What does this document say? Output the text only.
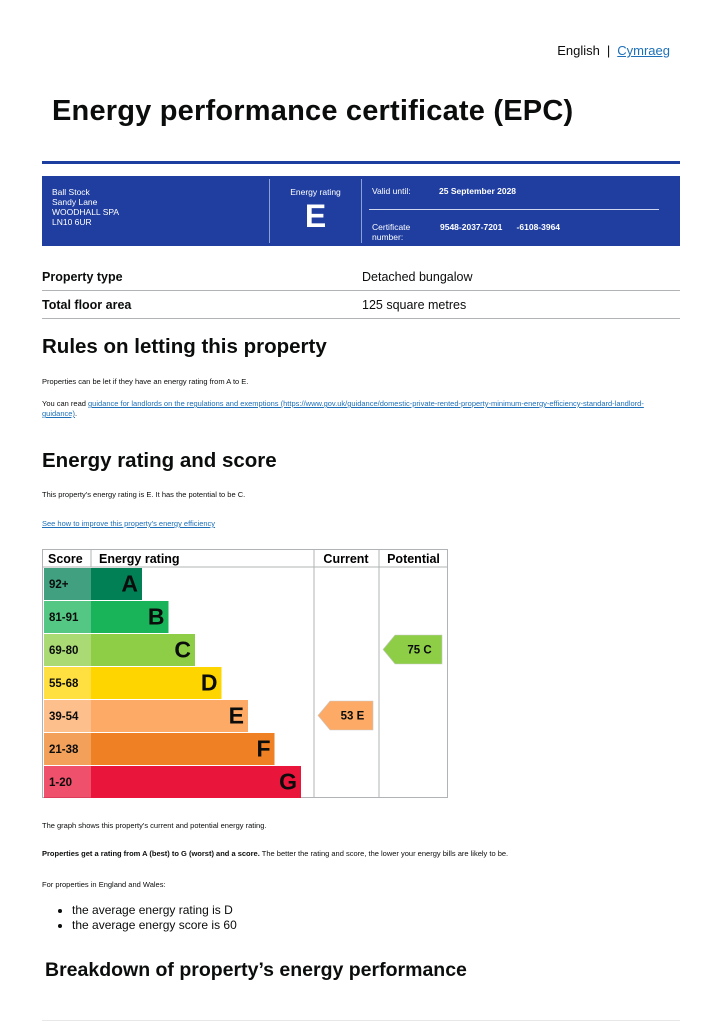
English | Cymraeg
Energy performance certificate (EPC)
Ball Stock
Sandy Lane
WOODHALL SPA
LN10 6UR
Energy rating
E
Valid until:	25 September 2028
Certificate
number:
9548-2037-7201      -6108-3964
Property type	Detached bungalow
Total floor area	125 square metres
Rules on letting this property
Properties can be let if they have an energy rating from A to E.
You can read guidance for landlords on the regulations and exemptions (https://www.gov.uk/guidance/domestic-private-rented-property-minimum-energy-efficiency-standard-landlord-guidance).
Energy rating and score
This property's energy rating is E. It has the potential to be C.
See how to improve this property's energy efficiency
Score Energy rating	Current Potential
92+ A
81-91	B
69-80	C
55-68	D
39-54	E
21-38	F
1-20	G
53 E
75 C
The graph shows this property's current and potential energy rating.
Properties get a rating from A (best) to G (worst) and a score. The better the rating and score, the lower your energy bills are likely to be.
For properties in England and Wales:
• the average energy rating is D
• the average energy score is 60
Breakdown of property’s energy performance
